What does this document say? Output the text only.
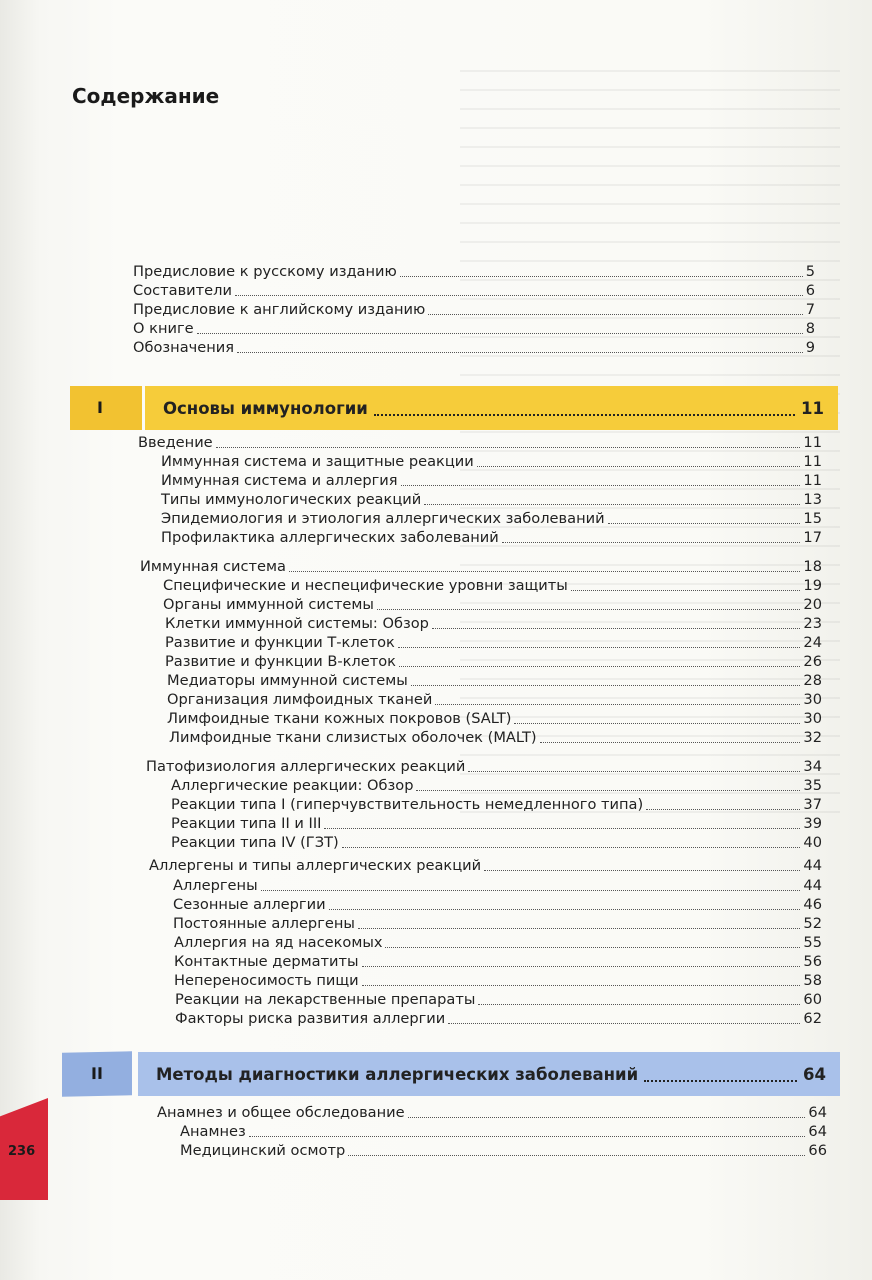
Содержание
Предисловие к русскому изданию	5
Составители	6
Предисловие к английскому изданию	7
О книге	8
Обозначения	9
I	Основы иммунологии	11
Введение	11
Иммунная система и защитные реакции	11
Иммунная система и аллергия	11
Типы иммунологических реакций	13
Эпидемиология и этиология аллергических заболеваний	15
Профилактика аллергических заболеваний	17
Иммунная система	18
Специфические и неспецифические уровни защиты	19
Органы иммунной системы	20
Клетки иммунной системы: Обзор	23
Развитие и функции Т-клеток	24
Развитие и функции В-клеток	26
Медиаторы иммунной системы	28
Организация лимфоидных тканей	30
Лимфоидные ткани кожных покровов (SALT)	30
Лимфоидные ткани слизистых оболочек (MALT)	32
Патофизиология аллергических реакций	34
Аллергические реакции: Обзор	35
Реакции типа I (гиперчувствительность немедленного типа)	37
Реакции типа II и III	39
Реакции типа IV (ГЗТ)	40
Аллергены и типы аллергических реакций	44
Аллергены	44
Сезонные аллергии	46
Постоянные аллергены	52
Аллергия на яд насекомых	55
Контактные дерматиты	56
Непереносимость пищи	58
Реакции на лекарственные препараты	60
Факторы риска развития аллергии	62
II	Методы диагностики аллергических заболеваний	64
Анамнез и общее обследование	64
Анамнез	64
Медицинский осмотр	66
236
